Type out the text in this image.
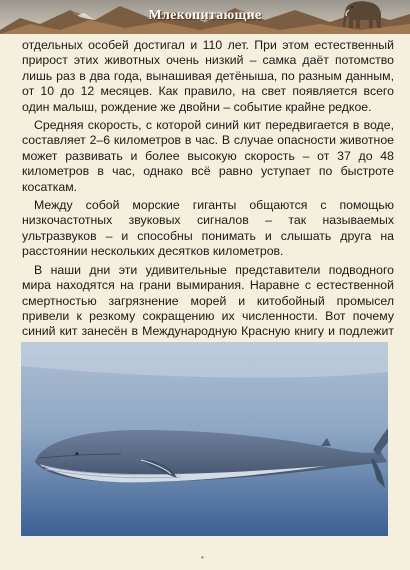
Млекопитающие

отдельных особей достигал и 110 лет. При этом естественный прирост этих животных очень низкий – самка даёт потомство лишь раз в два года, вынашивая детёныша, по разным данным, от 10 до 12 месяцев. Как правило, на свет появляется всего один малыш, рождение же двойни – событие крайне редкое.

Средняя скорость, с которой синий кит передвигается в воде, составляет 2–6 километров в час. В случае опасности животное может развивать и более высокую скорость – от 37 до 48 километров в час, однако всё равно уступает по быстроте косаткам.

Между собой морские гиганты общаются с помощью низкочастотных звуковых сигналов – так называемых ультразвуков – и способны понимать и слышать друга на расстоянии нескольких десятков километров.

В наши дни эти удивительные представители подводного мира находятся на грани вымирания. Наравне с естественной смертностью загрязнение морей и китобойный промысел привели к резкому сокращению их численности. Вот почему синий кит занесён в Международную Красную книгу и подлежит

•
